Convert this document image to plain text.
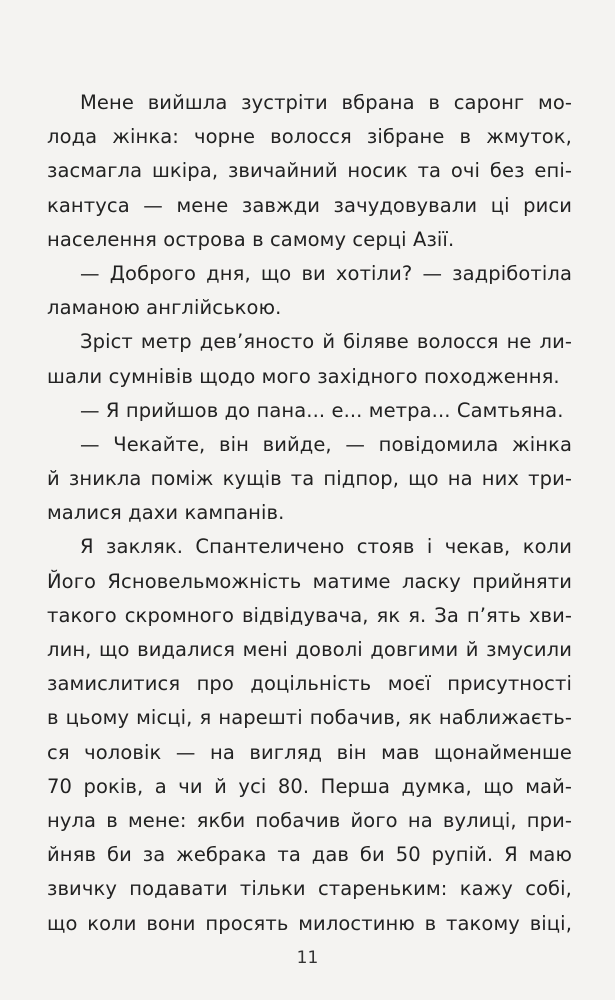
Мене вийшла зустріти вбрана в саронг мо-
лода жінка: чорне волосся зібране в жмуток,
засмагла шкіра, звичайний носик та очі без епі-
кантуса — мене завжди зачудовували ці риси
населення острова в самому серці Азії.
— Доброго дня, що ви хотіли? — задріботіла
ламаною англійською.
Зріст метр дев’яносто й біляве волосся не ли-
шали сумнівів щодо мого західного походження.
— Я прийшов до пана... е... метра... Самтьяна.
— Чекайте, він вийде, — повідомила жінка
й зникла поміж кущів та підпор, що на них три-
малися дахи кампанів.
Я закляк. Спантеличено стояв і чекав, коли
Його Ясновельможність матиме ласку прийняти
такого скромного відвідувача, як я. За п’ять хви-
лин, що видалися мені доволі довгими й змусили
замислитися про доцільність моєї присутності
в цьому місці, я нарешті побачив, як наближаєть-
ся чоловік — на вигляд він мав щонайменше
70 років, а чи й усі 80. Перша думка, що май-
нула в мене: якби побачив його на вулиці, при-
йняв би за жебрака та дав би 50 рупій. Я маю
звичку подавати тільки стареньким: кажу собі,
що коли вони просять милостиню в такому віці,
11
